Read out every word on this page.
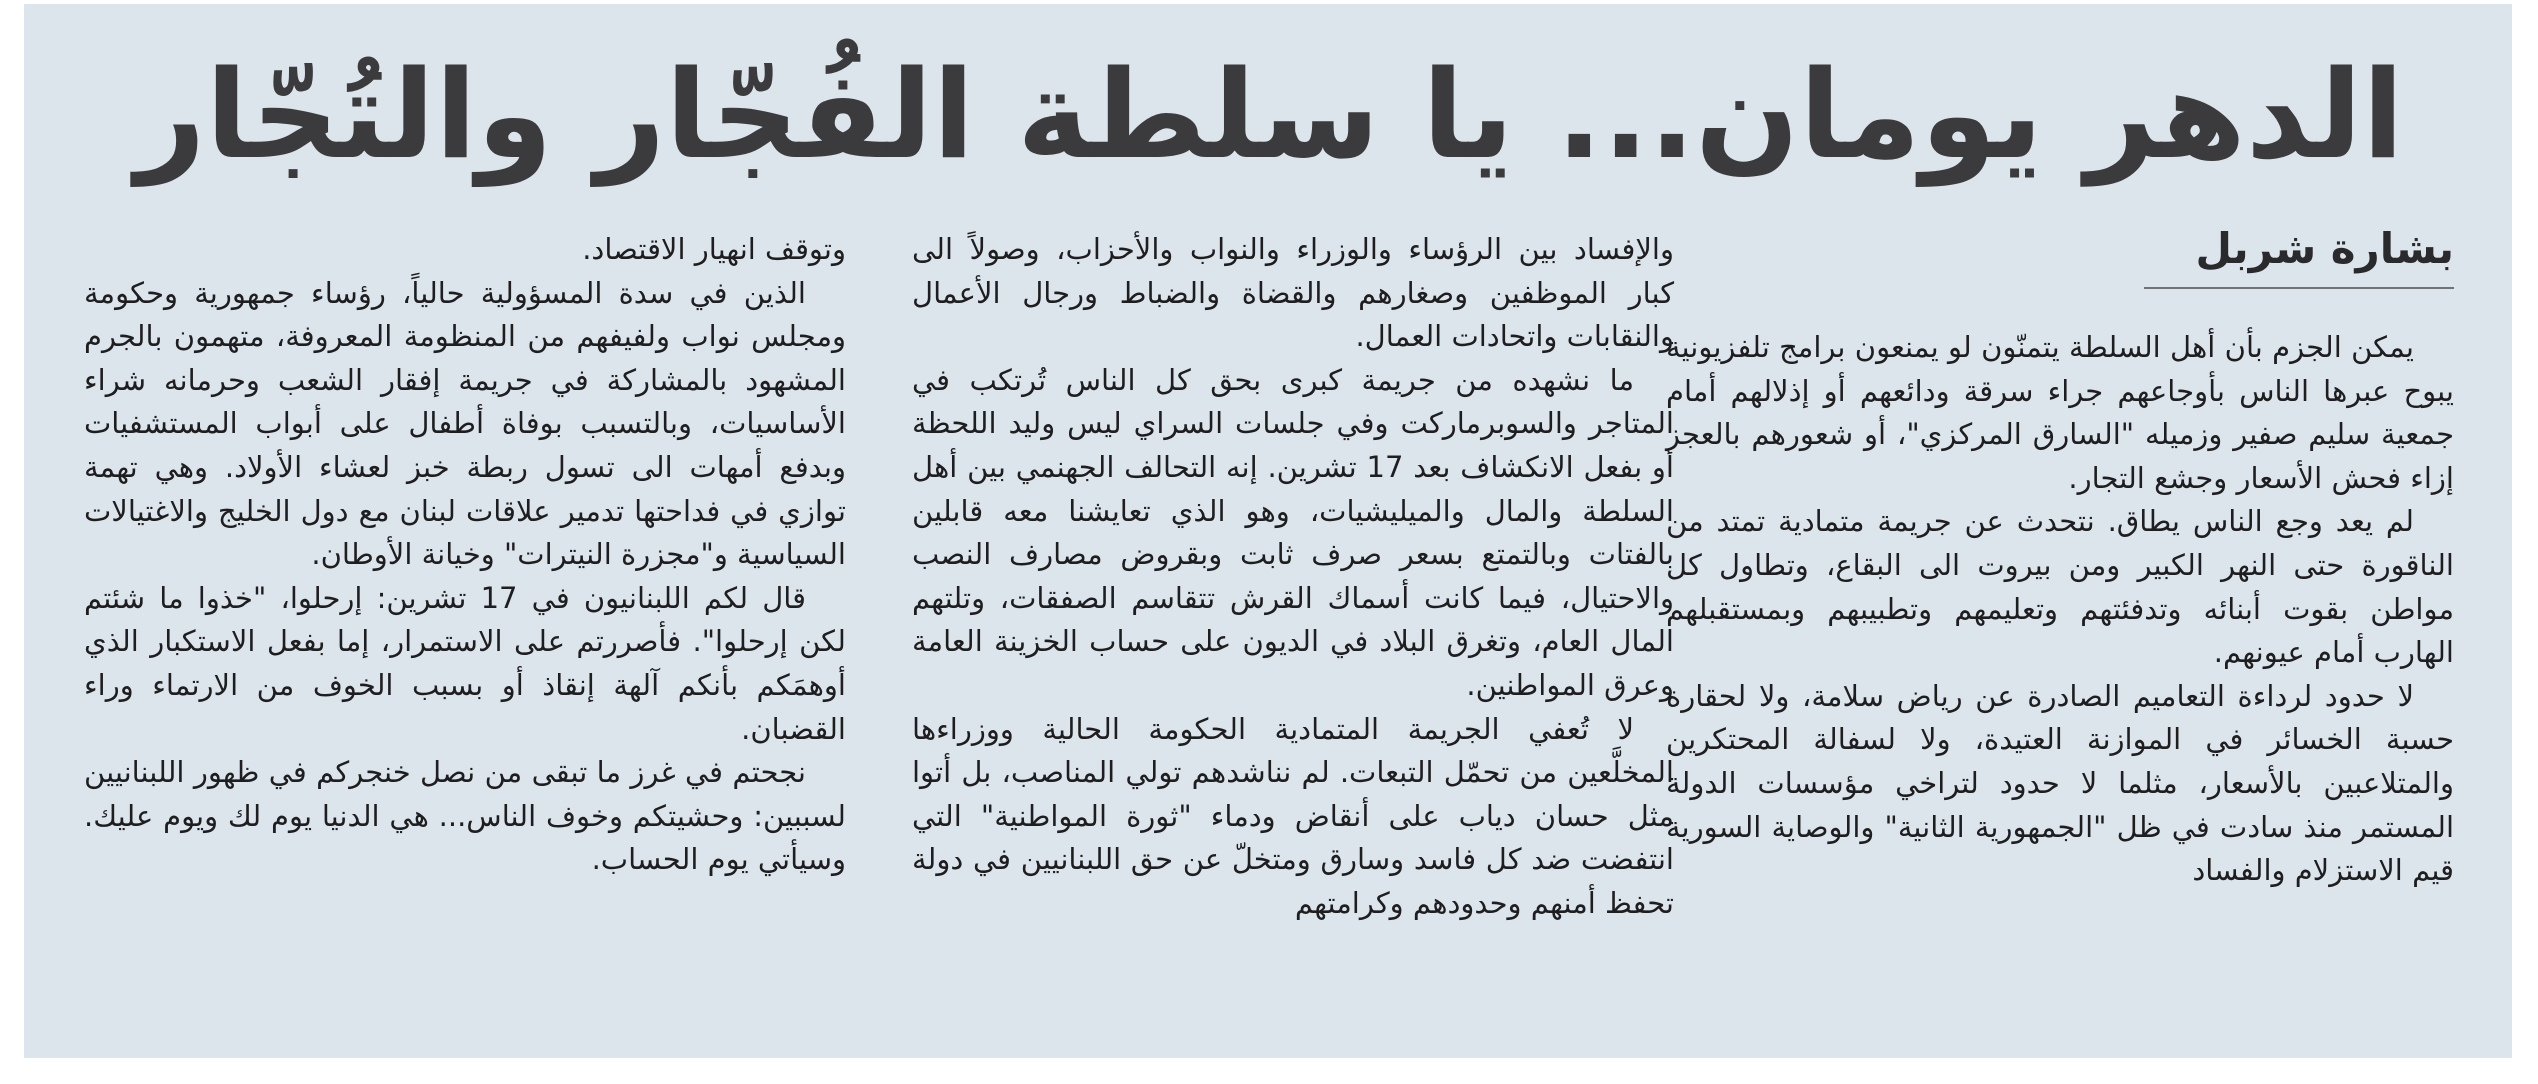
الدهر يومان... يا سلطة الفُجّار والتُجّار
بشارة شربل

يمكن الجزم بأن أهل السلطة يتمنّون لو يمنعون برامج تلفزيونية يبوح عبرها الناس بأوجاعهم جراء سرقة ودائعهم أو إذلالهم أمام جمعية سليم صفير وزميله "السارق المركزي"، أو شعورهم بالعجز إزاء فحش الأسعار وجشع التجار.

لم يعد وجع الناس يطاق. نتحدث عن جريمة متمادية تمتد من الناقورة حتى النهر الكبير ومن بيروت الى البقاع، وتطاول كل مواطن بقوت أبنائه وتدفئتهم وتعليمهم وتطبيبهم وبمستقبلهم الهارب أمام عيونهم.

لا حدود لرداءة التعاميم الصادرة عن رياض سلامة، ولا لحقارة حسبة الخسائر في الموازنة العتيدة، ولا لسفالة المحتكرين والمتلاعبين بالأسعار، مثلما لا حدود لتراخي مؤسسات الدولة المستمر منذ سادت في ظل "الجمهورية الثانية" والوصاية السورية قيم الاستزلام والفساد

والإفساد بين الرؤساء والوزراء والنواب والأحزاب، وصولاً الى كبار الموظفين وصغارهم والقضاة والضباط ورجال الأعمال والنقابات واتحادات العمال.

ما نشهده من جريمة كبرى بحق كل الناس تُرتكب في المتاجر والسوبرماركت وفي جلسات السراي ليس وليد اللحظة أو بفعل الانكشاف بعد 17 تشرين. إنه التحالف الجهنمي بين أهل السلطة والمال والميليشيات، وهو الذي تعايشنا معه قابلين بالفتات وبالتمتع بسعر صرف ثابت وبقروض مصارف النصب والاحتيال، فيما كانت أسماك القرش تتقاسم الصفقات، وتلتهم المال العام، وتغرق البلاد في الديون على حساب الخزينة العامة وعرق المواطنين.

لا تُعفي الجريمة المتمادية الحكومة الحالية ووزراءها المخلَّعين من تحمّل التبعات. لم نناشدهم تولي المناصب، بل أتوا مثل حسان دياب على أنقاض ودماء "ثورة المواطنية" التي انتفضت ضد كل فاسد وسارق ومتخلّ عن حق اللبنانيين في دولة تحفظ أمنهم وحدودهم وكرامتهم

وتوقف انهيار الاقتصاد.

الذين في سدة المسؤولية حالياً، رؤساء جمهورية وحكومة ومجلس نواب ولفيفهم من المنظومة المعروفة، متهمون بالجرم المشهود بالمشاركة في جريمة إفقار الشعب وحرمانه شراء الأساسيات، وبالتسبب بوفاة أطفال على أبواب المستشفيات وبدفع أمهات الى تسول ربطة خبز لعشاء الأولاد. وهي تهمة توازي في فداحتها تدمير علاقات لبنان مع دول الخليج والاغتيالات السياسية و"مجزرة النيترات" وخيانة الأوطان.

قال لكم اللبنانيون في 17 تشرين: إرحلوا، "خذوا ما شئتم لكن إرحلوا". فأصررتم على الاستمرار، إما بفعل الاستكبار الذي أوهمَكم بأنكم آلهة إنقاذ أو بسبب الخوف من الارتماء وراء القضبان.

نجحتم في غرز ما تبقى من نصل خنجركم في ظهور اللبنانيين لسببين: وحشيتكم وخوف الناس... هي الدنيا يوم لك ويوم عليك. وسيأتي يوم الحساب.
